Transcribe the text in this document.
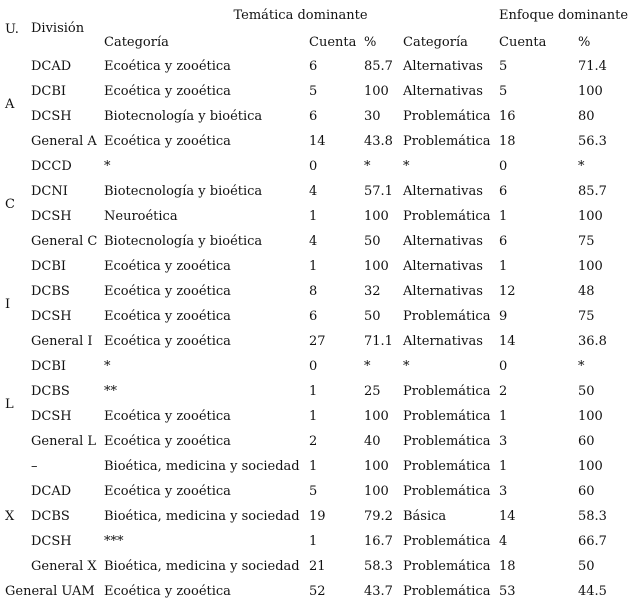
U.	División	Temática dominante				Enfoque dominante	
		Categoría	Cuenta	%	Categoría	Cuenta	%
A	DCAD	Ecoética y zooética	6	85.7	Alternativas	5	71.4
	DCBI	Ecoética y zooética	5	100	Alternativas	5	100
	DCSH	Biotecnología y bioética	6	30	Problemática	16	80
	General A	Ecoética y zooética	14	43.8	Problemática	18	56.3
C	DCCD	*	0	*	*	0	*
	DCNI	Biotecnología y bioética	4	57.1	Alternativas	6	85.7
	DCSH	Neuroética	1	100	Problemática	1	100
	General C	Biotecnología y bioética	4	50	Alternativas	6	75
I	DCBI	Ecoética y zooética	1	100	Alternativas	1	100
	DCBS	Ecoética y zooética	8	32	Alternativas	12	48
	DCSH	Ecoética y zooética	6	50	Problemática	9	75
	General I	Ecoética y zooética	27	71.1	Alternativas	14	36.8
L	DCBI	*	0	*	*	0	*
	DCBS	**	1	25	Problemática	2	50
	DCSH	Ecoética y zooética	1	100	Problemática	1	100
	General L	Ecoética y zooética	2	40	Problemática	3	60
X	–	Bioética, medicina y sociedad	1	100	Problemática	1	100
	DCAD	Ecoética y zooética	5	100	Problemática	3	60
	DCBS	Bioética, medicina y sociedad	19	79.2	Básica	14	58.3
	DCSH	***	1	16.7	Problemática	4	66.7
	General X	Bioética, medicina y sociedad	21	58.3	Problemática	18	50
General UAM		Ecoética y zooética	52	43.7	Problemática	53	44.5
